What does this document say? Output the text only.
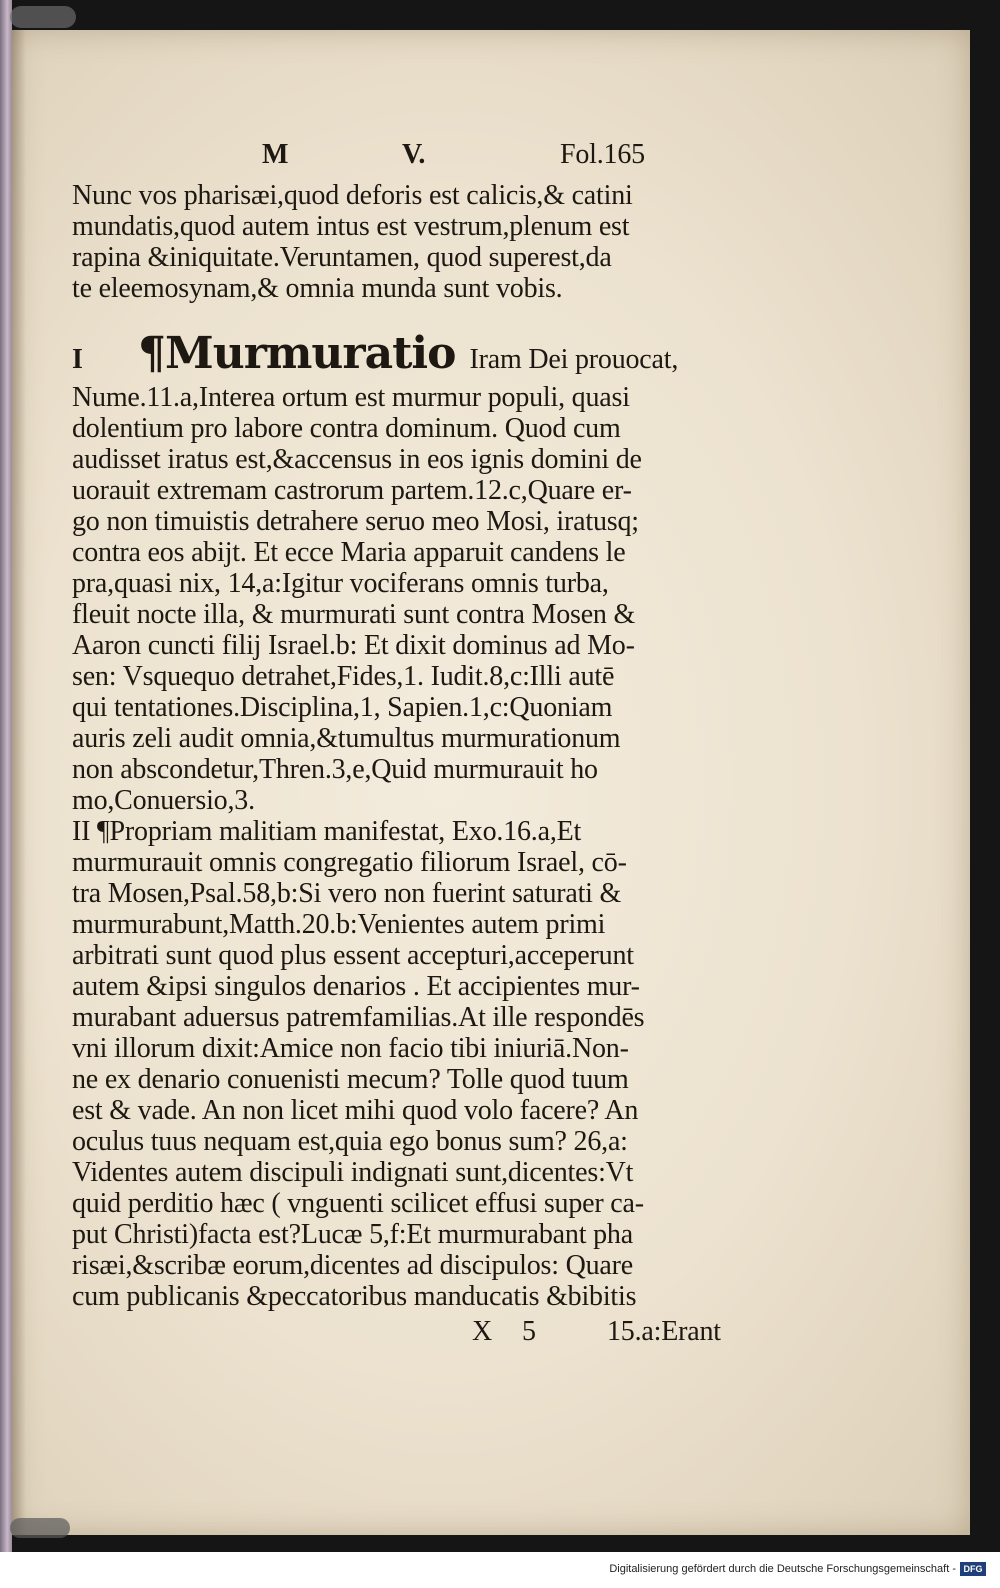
M	V.	Fol.165
Nunc vos pharisæi,quod deforis est calicis,& catini
mundatis,quod autem intus est vestrum,plenum est
rapina &iniquitate.Veruntamen, quod superest,da
te eleemosynam,& omnia munda sunt vobis.
I ¶Murmuratio Iram Dei prouocat,
Nume.11.a,Interea ortum est murmur populi, quasi
dolentium pro labore contra dominum. Quod cum
audisset iratus est,&accensus in eos ignis domini de
uorauit extremam castrorum partem.12.c,Quare er-
go non timuistis detrahere seruo meo Mosi, iratusq;
contra eos abijt. Et ecce Maria apparuit candens le
pra,quasi nix, 14,a:Igitur vociferans omnis turba,
fleuit nocte illa, & murmurati sunt contra Mosen &
Aaron cuncti filij Israel.b: Et dixit dominus ad Mo-
sen: Vsquequo detrahet,Fides,1. Iudit.8,c:Illi autē
qui tentationes.Disciplina,1, Sapien.1,c:Quoniam
auris zeli audit omnia,&tumultus murmurationum
non abscondetur,Thren.3,e,Quid murmurauit ho
mo,Conuersio,3.
II ¶Propriam malitiam manifestat, Exo.16.a,Et
murmurauit omnis congregatio filiorum Israel, cō-
tra Mosen,Psal.58,b:Si vero non fuerint saturati &
murmurabunt,Matth.20.b:Venientes autem primi
arbitrati sunt quod plus essent accepturi,acceperunt
autem &ipsi singulos denarios . Et accipientes mur-
murabant aduersus patremfamilias.At ille respondēs
vni illorum dixit:Amice non facio tibi iniuriā.Non-
ne ex denario conuenisti mecum? Tolle quod tuum
est & vade. An non licet mihi quod volo facere? An
oculus tuus nequam est,quia ego bonus sum? 26,a:
Videntes autem discipuli indignati sunt,dicentes:Vt
quid perditio hæc ( vnguenti scilicet effusi super ca-
put Christi)facta est?Lucæ 5,f:Et murmurabant pha
risæi,&scribæ eorum,dicentes ad discipulos: Quare
cum publicanis &peccatoribus manducatis &bibitis
X 5	15.a:Erant
Digitalisierung gefördert durch die Deutsche Forschungsgemeinschaft - DFG
